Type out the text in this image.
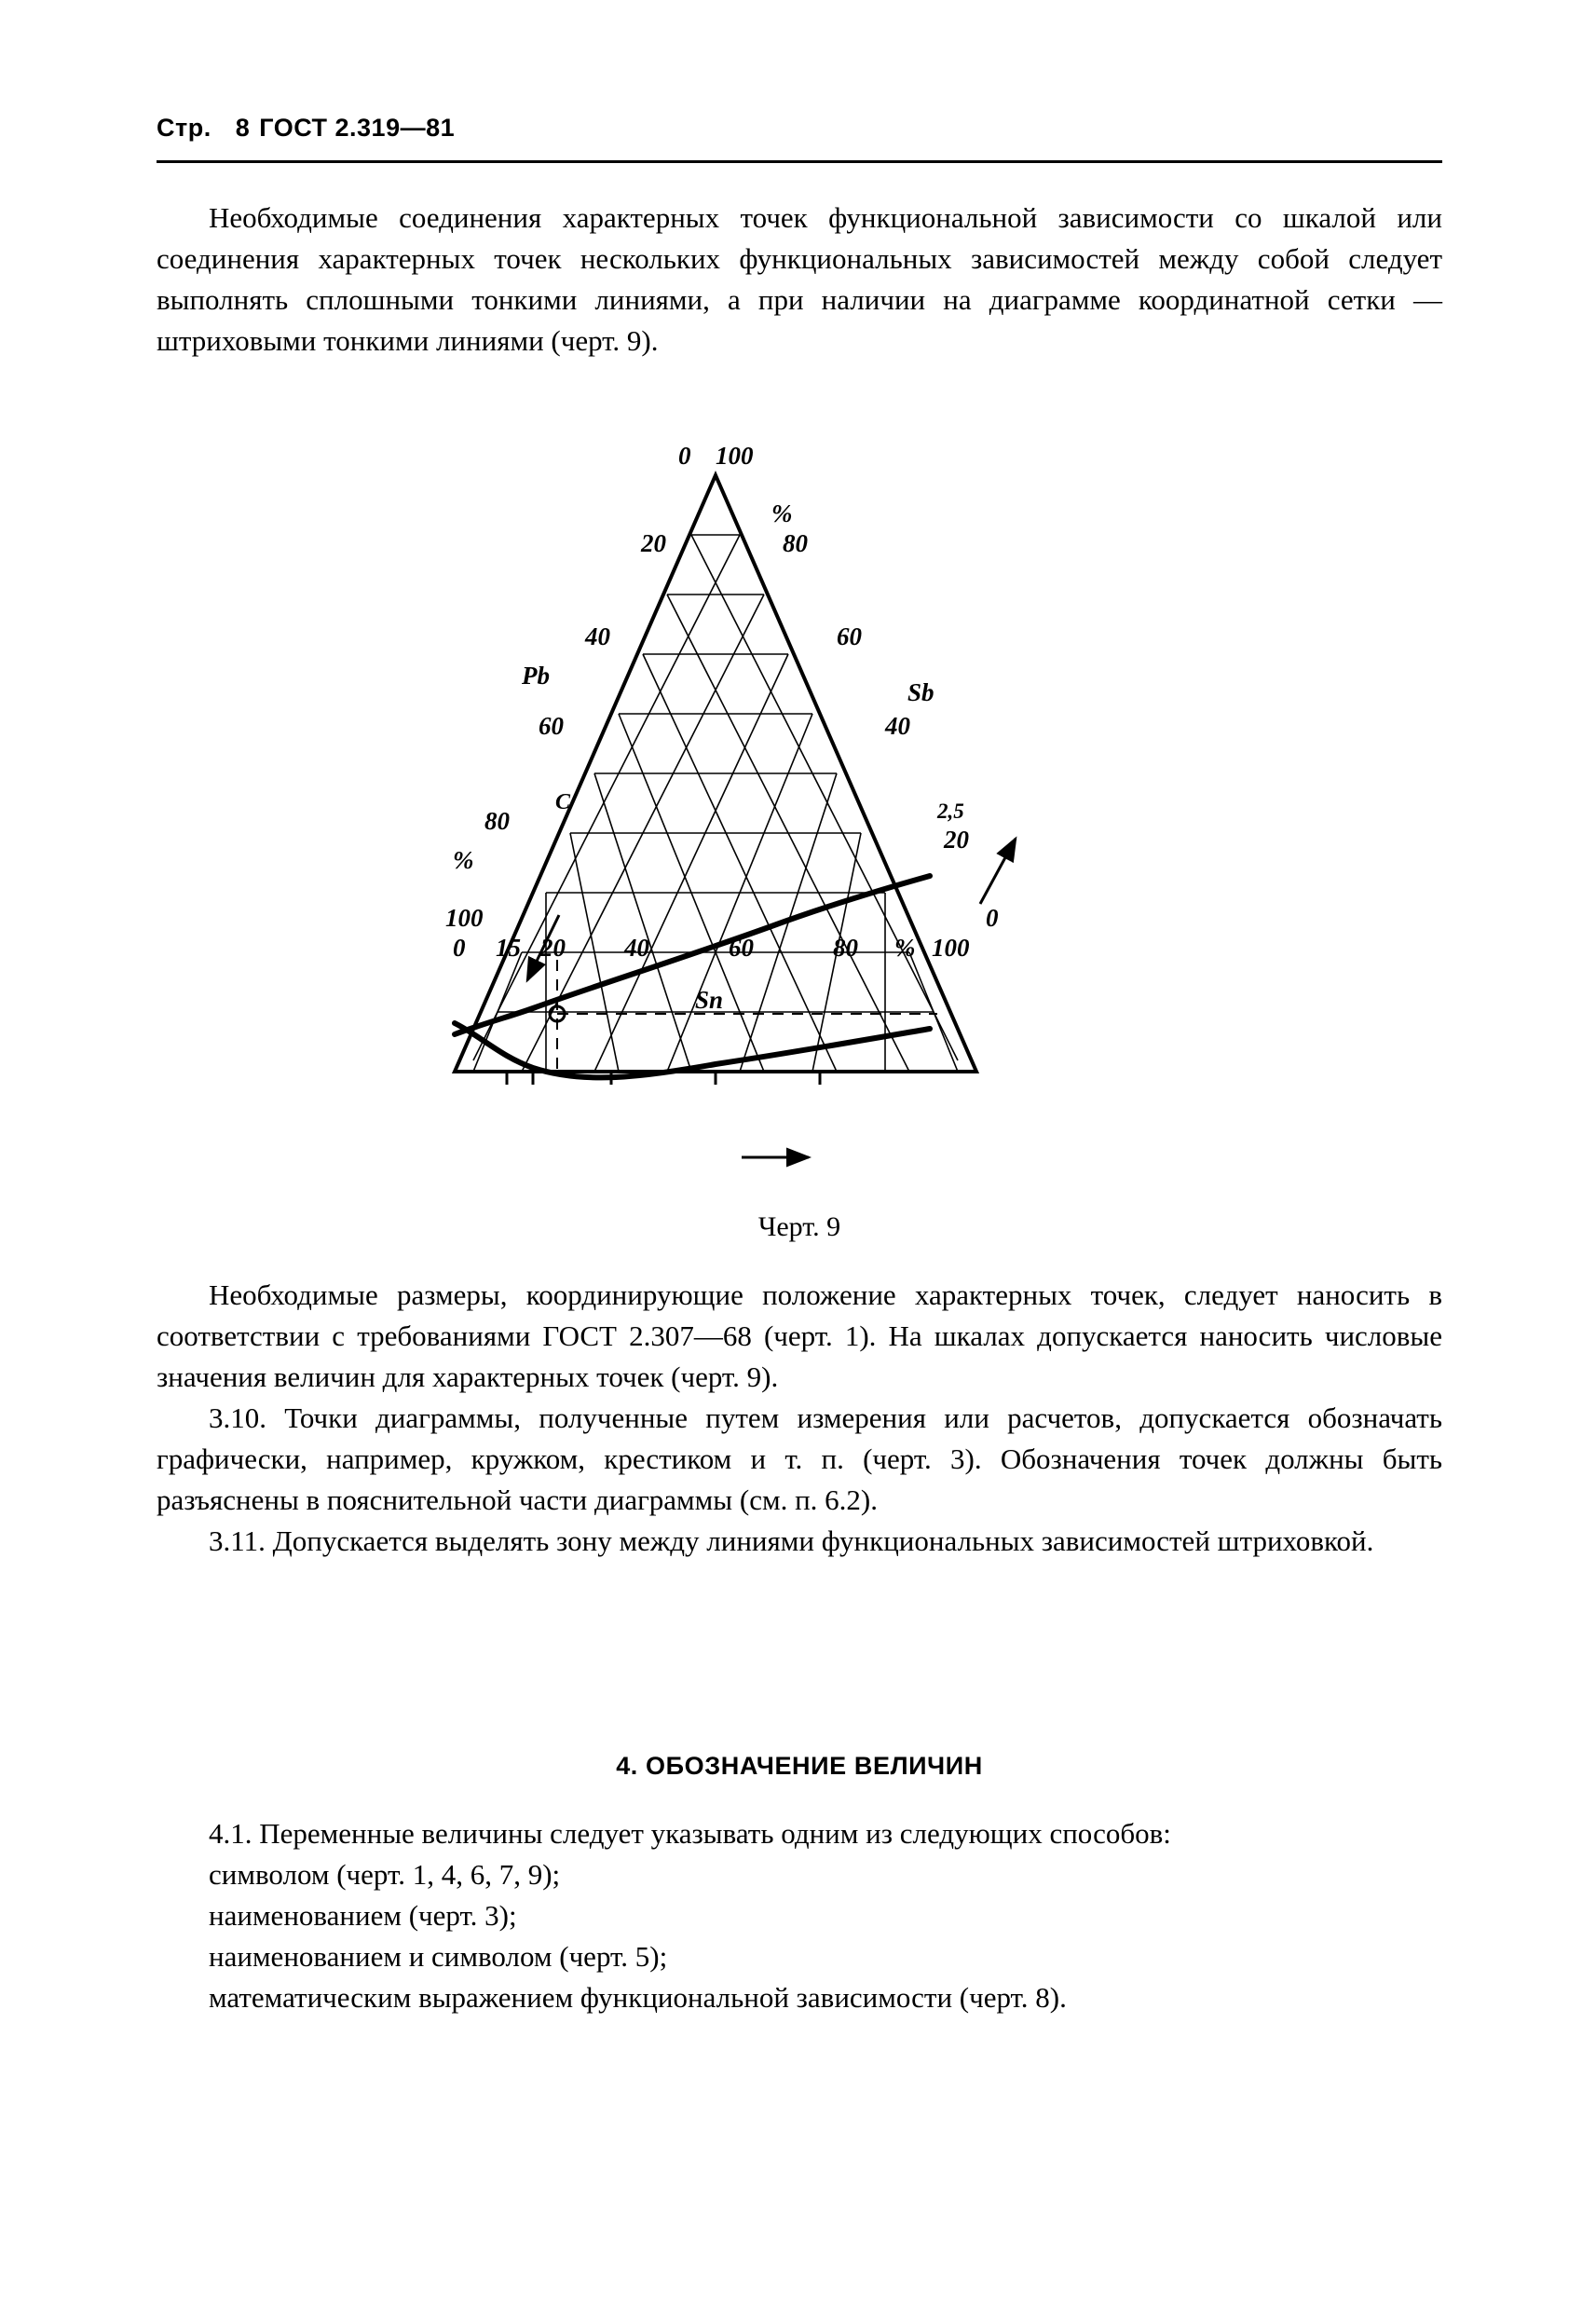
Стр. 8 ГОСТ 2.319—81

Необходимые соединения характерных точек функциональной зависимости со шкалой или соединения характерных точек нескольких функциональных зависимостей между собой следует выполнять сплошными тонкими линиями, а при наличии на диаграмме координатной сетки — штриховыми тонкими линиями (черт. 9).

0 100
%
20	80
40	60
Pb
Sb
60	40
80	2,5
20
%
100
C
0 15 20 40	60	80 % 100
0
Sn
Черт. 9

Необходимые размеры, координирующие положение характерных точек, следует наносить в соответствии с требованиями ГОСТ 2.307—68 (черт. 1). На шкалах допускается наносить числовые значения величин для характерных точек (черт. 9).

3.10. Точки диаграммы, полученные путем измерения или расчетов, допускается обозначать графически, например, кружком, крестиком и т. п. (черт. 3). Обозначения точек должны быть разъяснены в пояснительной части диаграммы (см. п. 6.2).

3.11. Допускается выделять зону между линиями функциональных зависимостей штриховкой.

4. ОБОЗНАЧЕНИЕ ВЕЛИЧИН

4.1. Переменные величины следует указывать одним из следующих способов:

символом (черт. 1, 4, 6, 7, 9);

наименованием (черт. 3);

наименованием и символом (черт. 5);

математическим выражением функциональной зависимости (черт. 8).
